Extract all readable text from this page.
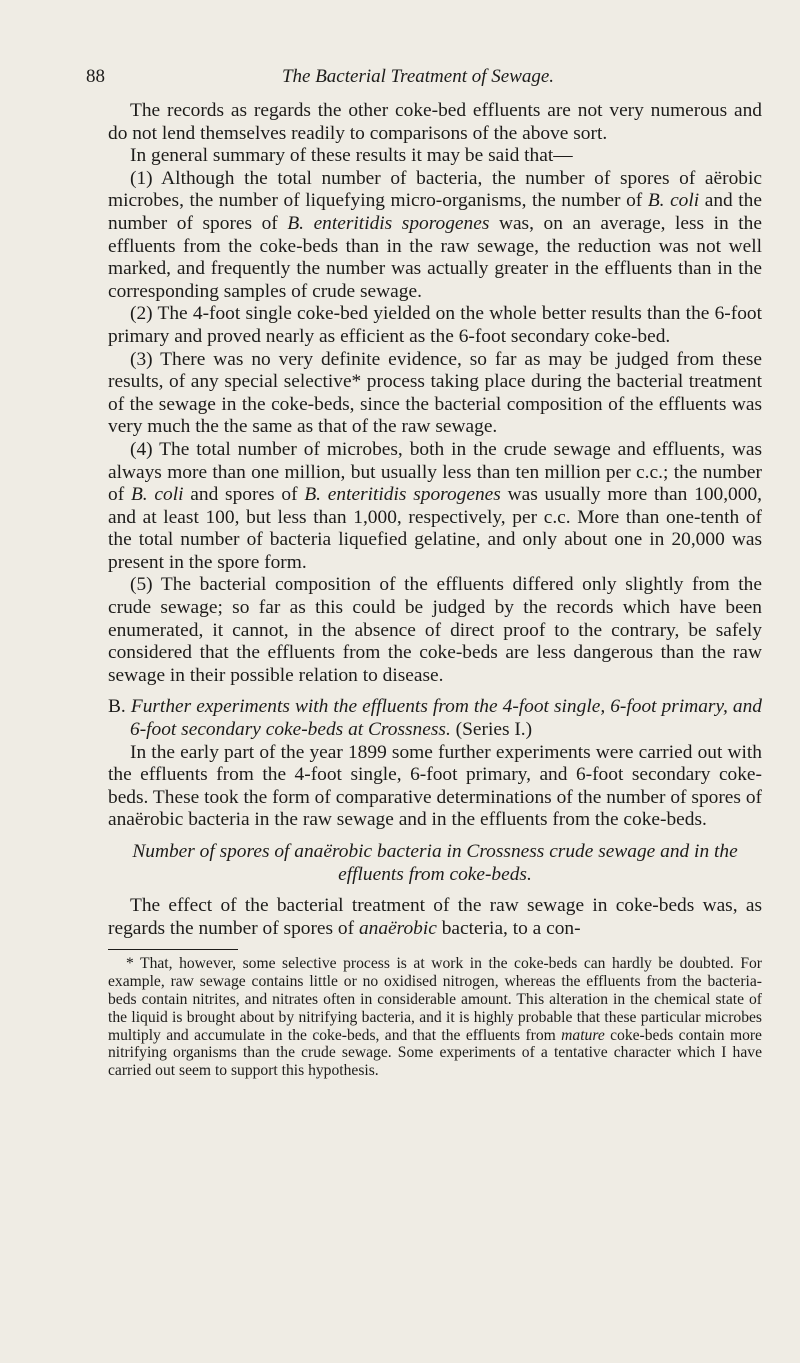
88	The Bacterial Treatment of Sewage.

The records as regards the other coke-bed effluents are not very numerous and do not lend themselves readily to comparisons of the above sort.

In general summary of these results it may be said that—

(1) Although the total number of bacteria, the number of spores of aërobic microbes, the number of liquefying micro-organisms, the number of B. coli and the number of spores of B. enteritidis sporogenes was, on an average, less in the effluents from the coke-beds than in the raw sewage, the reduction was not well marked, and frequently the number was actually greater in the effluents than in the corresponding samples of crude sewage.

(2) The 4-foot single coke-bed yielded on the whole better results than the 6-foot primary and proved nearly as efficient as the 6-foot secondary coke-bed.

(3) There was no very definite evidence, so far as may be judged from these results, of any special selective* process taking place during the bacterial treatment of the sewage in the coke-beds, since the bacterial composition of the effluents was very much the the same as that of the raw sewage.

(4) The total number of microbes, both in the crude sewage and effluents, was always more than one million, but usually less than ten million per c.c.; the number of B. coli and spores of B. enteritidis sporogenes was usually more than 100,000, and at least 100, but less than 1,000, respectively, per c.c. More than one-tenth of the total number of bacteria liquefied gelatine, and only about one in 20,000 was present in the spore form.

(5) The bacterial composition of the effluents differed only slightly from the crude sewage; so far as this could be judged by the records which have been enumerated, it cannot, in the absence of direct proof to the contrary, be safely considered that the effluents from the coke-beds are less dangerous than the raw sewage in their possible relation to disease.

B. Further experiments with the effluents from the 4-foot single, 6-foot primary, and 6-foot secondary coke-beds at Crossness. (Series I.)

In the early part of the year 1899 some further experiments were carried out with the effluents from the 4-foot single, 6-foot primary, and 6-foot secondary coke-beds. These took the form of comparative determinations of the number of spores of anaërobic bacteria in the raw sewage and in the effluents from the coke-beds.

Number of spores of anaërobic bacteria in Crossness crude sewage and in the effluents from coke-beds.

The effect of the bacterial treatment of the raw sewage in coke-beds was, as regards the number of spores of anaërobic bacteria, to a con-

* That, however, some selective process is at work in the coke-beds can hardly be doubted. For example, raw sewage contains little or no oxidised nitrogen, whereas the effluents from the bacteria-beds contain nitrites, and nitrates often in considerable amount. This alteration in the chemical state of the liquid is brought about by nitrifying bacteria, and it is highly probable that these particular microbes multiply and accumulate in the coke-beds, and that the effluents from mature coke-beds contain more nitrifying organisms than the crude sewage. Some experiments of a tentative character which I have carried out seem to support this hypothesis.
